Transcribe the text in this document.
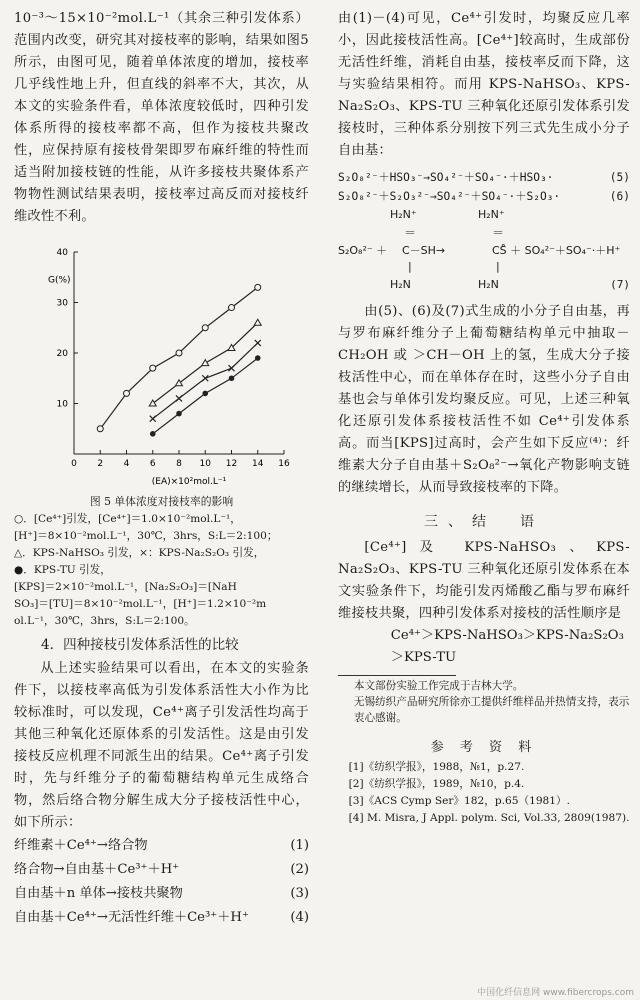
10⁻³～15×10⁻²mol.L⁻¹（其余三种引发体系）范围内改变，研究其对接枝率的影响，结果如图5所示，由图可见，随着单体浓度的增加，接枝率几乎线性地上升，但直线的斜率不大，其次，从本文的实验条件看，单体浓度较低时，四种引发体系所得的接枝率都不高，但作为接枝共聚改性，应保持原有接枝骨架即罗布麻纤维的特性而适当附加接枝链的性能，从许多接枝共聚体系产物物性测试结果表明，接枝率过高反而对接枝纤维改性不利。

0 2 4 6 8 10 12 14 16
10
20
30
40
G(%)
(EA)×10²mol.L⁻¹

图 5 单体浓度对接枝率的影响

○．[Ce⁴⁺]引发，[Ce⁴⁺]＝1.0×10⁻²mol.L⁻¹，

[H⁺]＝8×10⁻²mol.L⁻¹，30℃，3hrs，S:L＝2:100；

△．KPS-NaHSO₃ 引发，×：KPS-Na₂S₂O₃ 引发，

●．KPS-TU 引发，

[KPS]＝2×10⁻²mol.L⁻¹，[Na₂S₂O₃]＝[NaH

SO₃]＝[TU]＝8×10⁻²mol.L⁻¹，[H⁺]＝1.2×10⁻²m

ol.L⁻¹，30℃，3hrs，S:L＝2:100。

4．四种接枝引发体系活性的比较

从上述实验结果可以看出，在本文的实验条件下，以接枝率高低为引发体系活性大小作为比较标准时，可以发现，Ce⁴⁺离子引发活性均高于其他三种氧化还原体系的引发活性。这是由引发接枝反应机理不同派生出的结果。Ce⁴⁺离子引发时，先与纤维分子的葡萄糖结构单元生成络合物，然后络合物分解生成大分子接枝活性中心，如下所示：

纤维素＋Ce⁴⁺→络合物	(1)
络合物→自由基＋Ce³⁺＋H⁺	(2)
自由基＋n 单体→接枝共聚物	(3)
自由基＋Ce⁴⁺→无活性纤维＋Ce³⁺＋H⁺	(4)

由(1)－(4)可见，Ce⁴⁺引发时，均聚反应几率小，因此接枝活性高。[Ce⁴⁺]较高时，生成部份无活性纤维，消耗自由基，接枝率反而下降，这与实验结果相符。而用 KPS-NaHSO₃、KPS-Na₂S₂O₃、KPS-TU 三种氧化还原引发体系引发接枝时，三种体系分别按下列三式先生成小分子自由基：

S₂O₈²⁻＋HSO₃⁻→SO₄²⁻＋SO₄⁻·＋HSO₃·	(5)
S₂O₈²⁻＋S₂O₃²⁻→SO₄²⁻＋SO₄⁻·＋S₂O₃·	(6)
H₂N⁺	H₂N⁺
＝	＝
S₂O₈²⁻ ＋ C－SH→	CS̊ ＋ SO₄²⁻＋SO₄⁻·＋H⁺
|	|
H₂N	H₂N	(7)

由(5)、(6)及(7)式生成的小分子自由基，再与罗布麻纤维分子上葡萄糖结构单元中抽取－CH₂OH 或 ＞CH－OH 上的氢，生成大分子接枝活性中心，而在单体存在时，这些小分子自由基也会与单体引发均聚反应。可见，上述三种氧化还原引发体系接枝活性不如 Ce⁴⁺引发体系高。而当[KPS]过高时，会产生如下反应⁽⁴⁾：纤维素大分子自由基＋S₂O₈²⁻→氧化产物影响支链的继续增长，从而导致接枝率的下降。

三、结　语

[Ce⁴⁺]及 KPS-NaHSO₃、KPS-Na₂S₂O₃、KPS-TU 三种氧化还原引发体系在本文实验条件下，均能引发丙烯酸乙酯与罗布麻纤维接枝共聚，四种引发体系对接枝的活性顺序是

Ce⁴⁺＞KPS-NaHSO₃＞KPS-Na₂S₂O₃

＞KPS-TU

本文部份实验工作完成于吉林大学。

无锡纺织产品研究所徐亦工提供纤维样品并热情支持，表示衷心感谢。

参 考 资 料

[1]《纺织学报》，1988，№1，p.27.

[2]《纺织学报》，1989，№10，p.4.

[3]《ACS Cymp Ser》182，p.65（1981）.

[4] M. Misra, J Appl. polym. Sci, Vol.33, 2809(1987).

中国化纤信息网 www.fibercrops.com
